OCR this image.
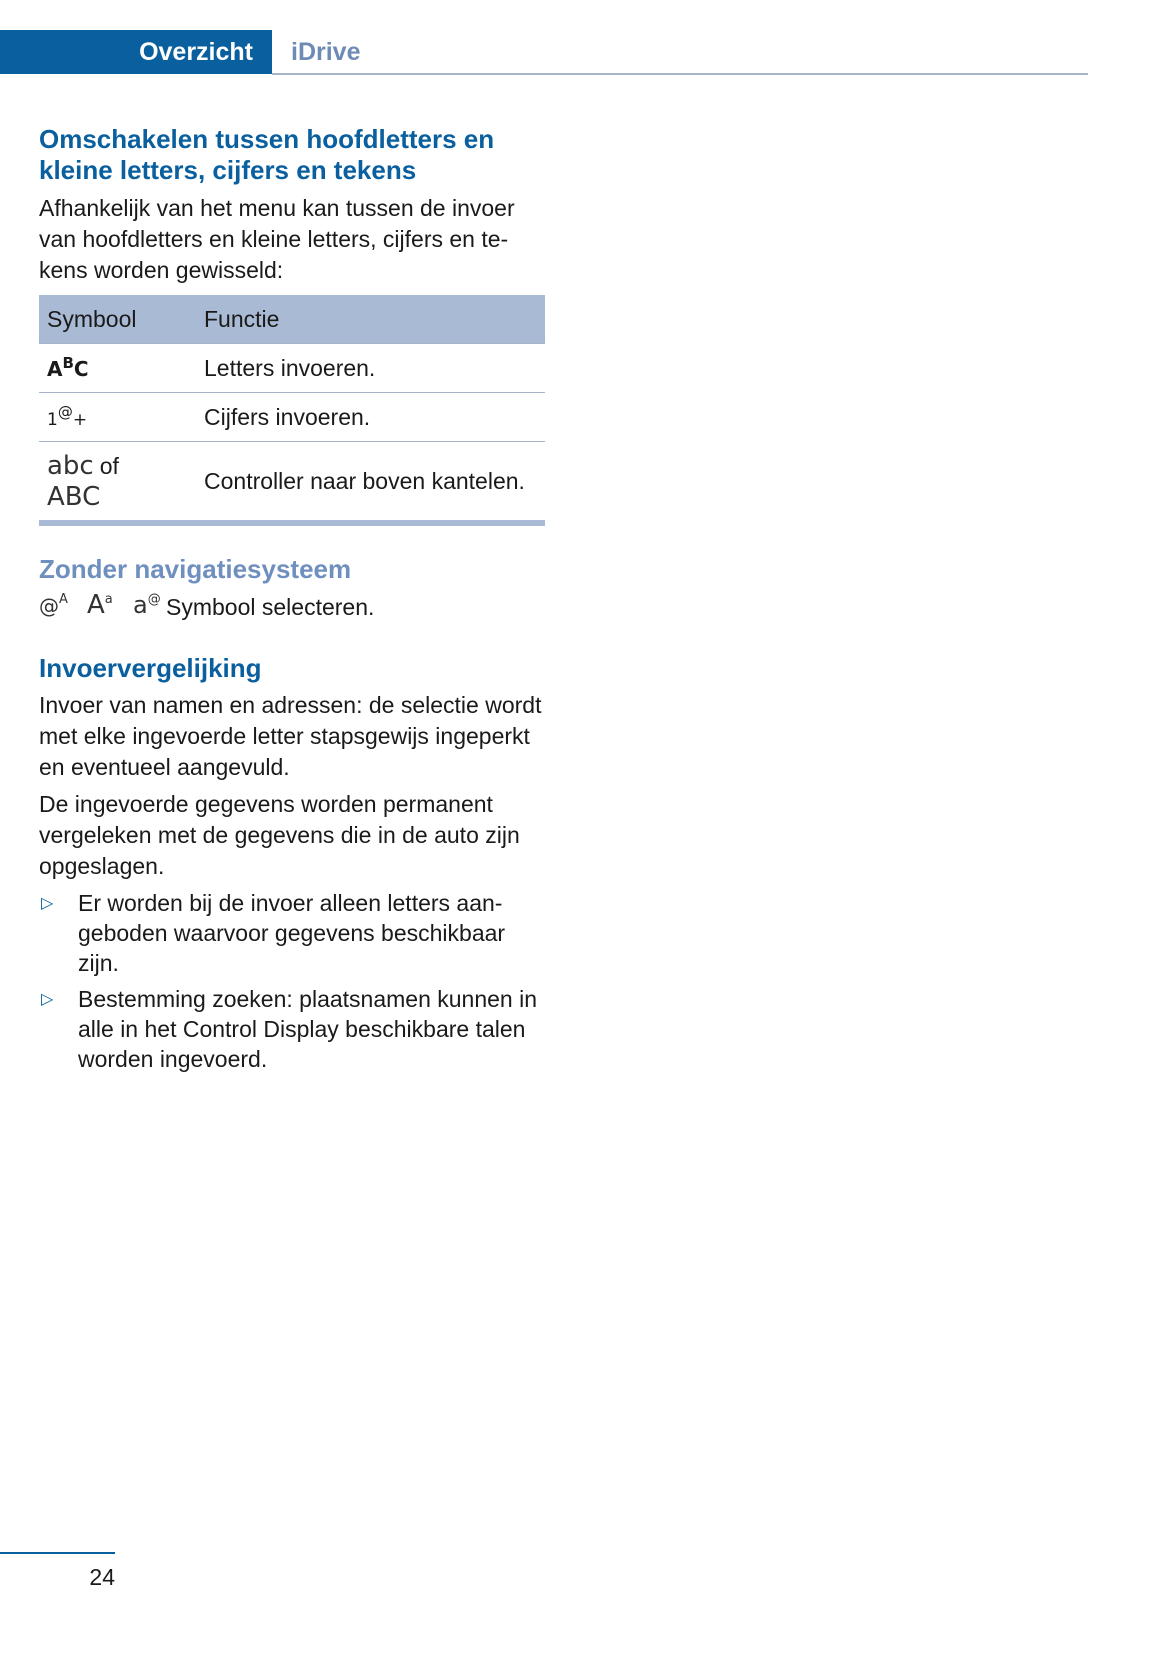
Overzicht	iDrive
Omschakelen tussen hoofdletters en kleine letters, cijfers en tekens

Afhankelijk van het menu kan tussen de invoer van hoofdletters en kleine letters, cijfers en tekens worden gewisseld:

Symbool	Functie
$A^BC$	Letters invoeren.
1@+	Cijfers invoeren.
abc of
ABC	Controller naar boven kantelen.
Zonder navigatiesysteem
@$^A$ $A^a$ a@ Symbool selecteren.
Invoervergelijking

Invoer van namen en adressen: de selectie wordt met elke ingevoerde letter stapsgewijs ingeperkt en eventueel aangevuld.

De ingevoerde gegevens worden permanent vergeleken met de gegevens die in de auto zijn opgeslagen.

▷ Er worden bij de invoer alleen letters aangeboden waarvoor gegevens beschikbaar zijn.
▷ Bestemming zoeken: plaatsnamen kunnen in alle in het Control Display beschikbare talen worden ingevoerd.
24
